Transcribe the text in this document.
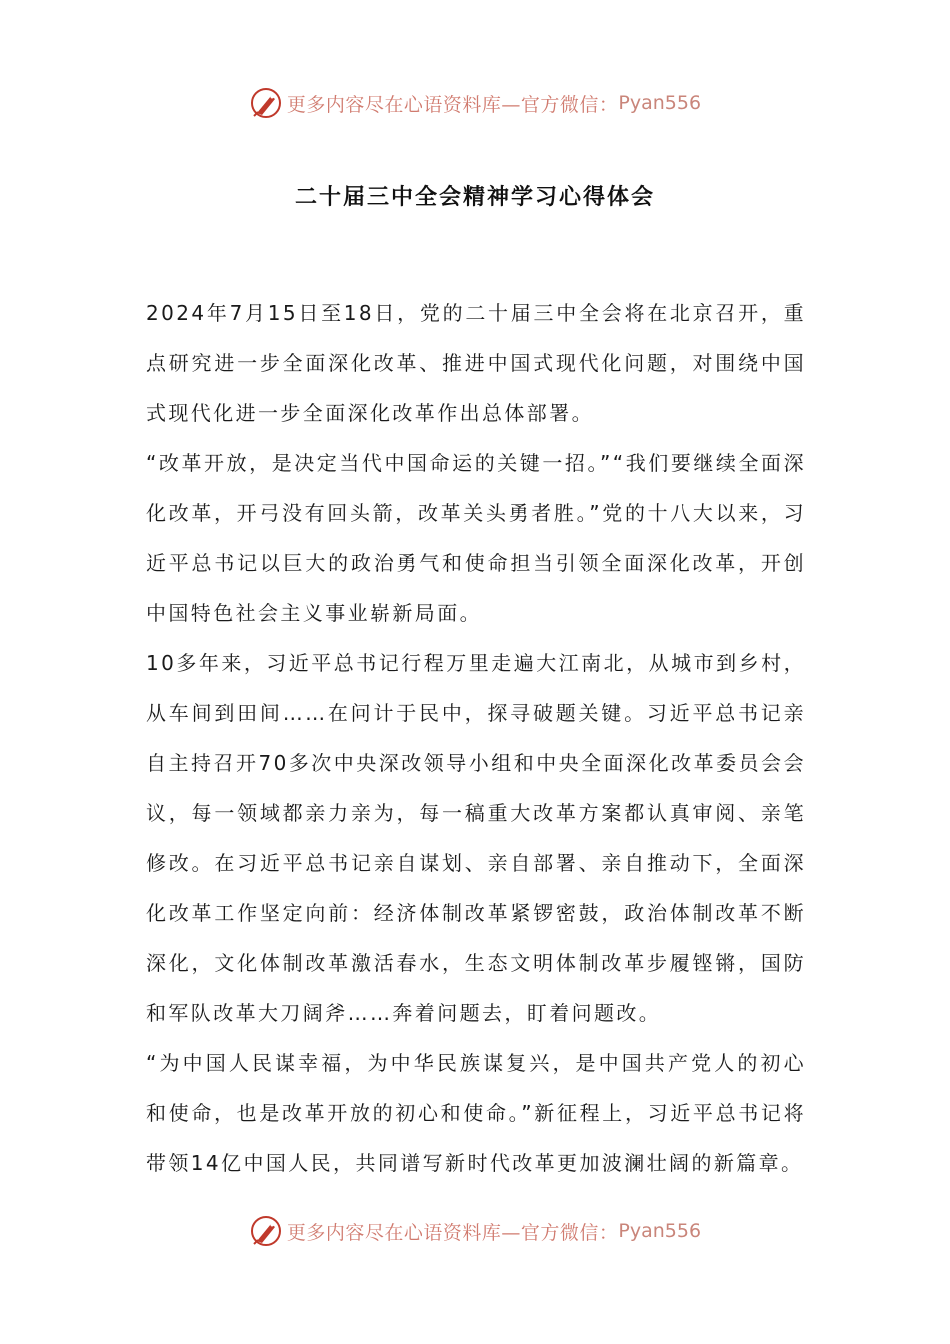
更多内容尽在心语资料库—官方微信： Pyan556
二十届三中全会精神学习心得体会

2024年7月15日至18日，党的二十届三中全会将在北京召开，重点研究进一步全面深化改革、推进中国式现代化问题，对围绕中国式现代化进一步全面深化改革作出总体部署。

“改革开放，是决定当代中国命运的关键一招。”“我们要继续全面深化改革，开弓没有回头箭，改革关头勇者胜。”党的十八大以来，习近平总书记以巨大的政治勇气和使命担当引领全面深化改革，开创中国特色社会主义事业崭新局面。

10多年来，习近平总书记行程万里走遍大江南北，从城市到乡村，从车间到田间……在问计于民中，探寻破题关键。习近平总书记亲自主持召开70多次中央深改领导小组和中央全面深化改革委员会会议，每一领域都亲力亲为，每一稿重大改革方案都认真审阅、亲笔修改。在习近平总书记亲自谋划、亲自部署、亲自推动下，全面深化改革工作坚定向前：经济体制改革紧锣密鼓，政治体制改革不断深化，文化体制改革激活春水，生态文明体制改革步履铿锵，国防和军队改革大刀阔斧……奔着问题去，盯着问题改。

“为中国人民谋幸福，为中华民族谋复兴，是中国共产党人的初心和使命，也是改革开放的初心和使命。”新征程上，习近平总书记将带领14亿中国人民，共同谱写新时代改革更加波澜壮阔的新篇章。

更多内容尽在心语资料库—官方微信： Pyan556
